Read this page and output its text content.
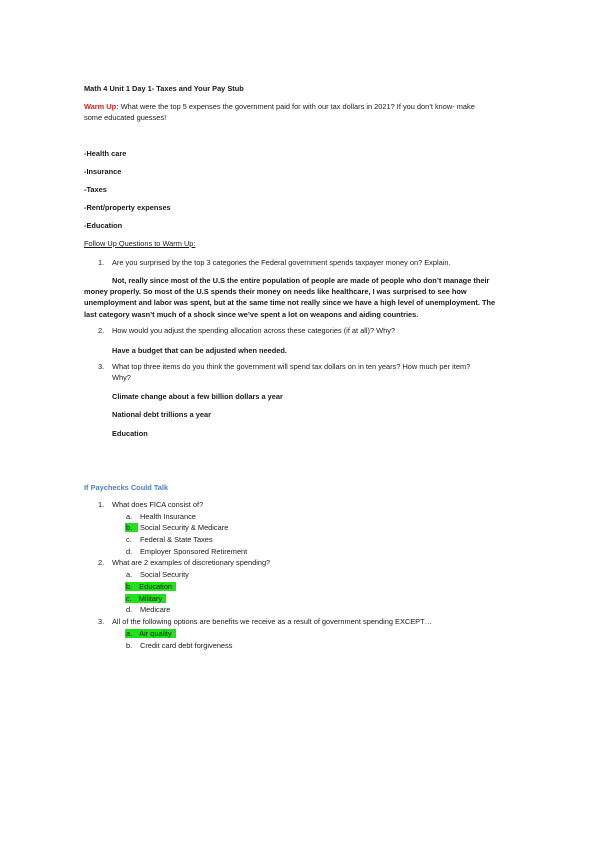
Math 4 Unit 1 Day 1- Taxes and Your Pay Stub
Warm Up: What were the top 5 expenses the government paid for with our tax dollars in 2021? If you don’t know- make
some educated guesses!
-Health care
-Insurance
-Taxes
-Rent/property expenses
-Education
Follow Up Questions to Warm Up:
1. Are you surprised by the top 3 categories the Federal government spends taxpayer money on? Explain.
Not, really since most of the U.S the entire population of people are made of people who don’t manage their
money properly. So most of the U.S spends their money on needs like healthcare, I was surprised to see how
unemployment and labor was spent, but at the same time not really since we have a high level of unemployment. The
last category wasn’t much of a shock since we’ve spent a lot on weapons and aiding countries.
2. How would you adjust the spending allocation across these categories (if at all)? Why?
Have a budget that can be adjusted when needed.
3. What top three items do you think the government will spend tax dollars on in ten years? How much per item?
Why?
Climate change about a few billion dollars a year
National debt trillions a year
Education
If Paychecks Could Talk
1. What does FICA consist of?
a. Health Insurance
b.	Social Security & Medicare
c. Federal & State Taxes
d. Employer Sponsored Retirement
2. What are 2 examples of discretionary spending?
a. Social Security
b. Education
c. Military
d. Medicare
3. All of the following options are benefits we receive as a result of government spending EXCEPT…
a. Air quality
b. Credit card debt forgiveness
